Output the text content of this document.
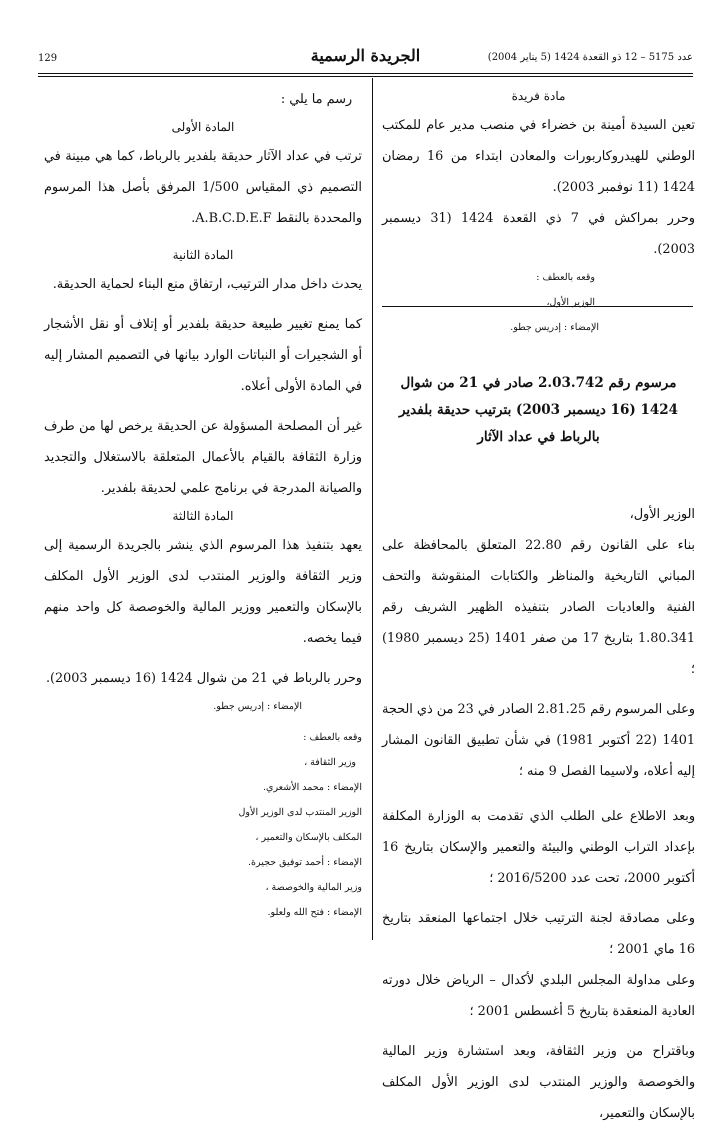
عدد 5175 – 12 ذو القعدة 1424 (5 يناير 2004)
الجريدة الرسمية
129

مادة فريدة

تعين السيدة أمينة بن خضراء في منصب مدير عام للمكتب الوطني للهيدروكاربورات والمعادن ابتداء من 16 رمضان 1424 (11 نوفمبر 2003).

وحرر بمراكش في 7 ذي القعدة 1424 (31 ديسمبر 2003).

وقعه بالعطف :

الوزير الأول،

الإمضاء : إدريس جطو.

مرسوم رقم 2.03.742 صادر في 21 من شوال 1424 (16 ديسمبر 2003) بترتيب حديقة بلفدير بالرباط في عداد الآثار

الوزير الأول،

بناء على القانون رقم 22.80 المتعلق بالمحافظة على المباني التاريخية والمناظر والكتابات المنقوشة والتحف الفنية والعاديات الصادر بتنفيذه الظهير الشريف رقم 1.80.341 بتاريخ 17 من صفر 1401 (25 ديسمبر 1980) ؛

وعلى المرسوم رقم 2.81.25 الصادر في 23 من ذي الحجة 1401 (22 أكتوبر 1981) في شأن تطبيق القانون المشار إليه أعلاه، ولاسيما الفصل 9 منه ؛

وبعد الاطلاع على الطلب الذي تقدمت به الوزارة المكلفة بإعداد التراب الوطني والبيئة والتعمير والإسكان بتاريخ 16 أكتوبر 2000، تحت عدد 2016/5200 ؛

وعلى مصادقة لجنة الترتيب خلال اجتماعها المنعقد بتاريخ 16 ماي 2001 ؛

وعلى مداولة المجلس البلدي لأكدال – الرياض خلال دورته العادية المنعقدة بتاريخ 5 أغسطس 2001 ؛

وباقتراح من وزير الثقافة، وبعد استشارة وزير المالية والخوصصة والوزير المنتدب لدى الوزير الأول المكلف بالإسكان والتعمير،

رسم ما يلي :

المادة الأولى

ترتب في عداد الآثار حديقة بلفدير بالرباط، كما هي مبينة في التصميم ذي المقياس 1/500 المرفق بأصل هذا المرسوم والمحددة بالنقط A.B.C.D.E.F.

المادة الثانية

يحدث داخل مدار الترتيب، ارتفاق منع البناء لحماية الحديقة.

كما يمنع تغيير طبيعة حديقة بلفدير أو إتلاف أو نقل الأشجار أو الشجيرات أو النباتات الوارد بيانها في التصميم المشار إليه في المادة الأولى أعلاه.

غير أن المصلحة المسؤولة عن الحديقة يرخص لها من طرف وزارة الثقافة بالقيام بالأعمال المتعلقة بالاستغلال والتجديد والصيانة المدرجة في برنامج علمي لحديقة بلفدير.

المادة الثالثة

يعهد بتنفيذ هذا المرسوم الذي ينشر بالجريدة الرسمية إلى وزير الثقافة والوزير المنتدب لدى الوزير الأول المكلف بالإسكان والتعمير ووزير المالية والخوصصة كل واحد منهم فيما يخصه.

وحرر بالرباط في 21 من شوال 1424 (16 ديسمبر 2003).

الإمضاء : إدريس جطو.

وقعه بالعطف :

وزير الثقافة ،

الإمضاء : محمد الأشعري.

الوزير المنتدب لدى الوزير الأول

المكلف بالإسكان والتعمير ،

الإمضاء : أحمد توفيق حجيرة.

وزير المالية والخوصصة ،

الإمضاء : فتح الله ولعلو.
